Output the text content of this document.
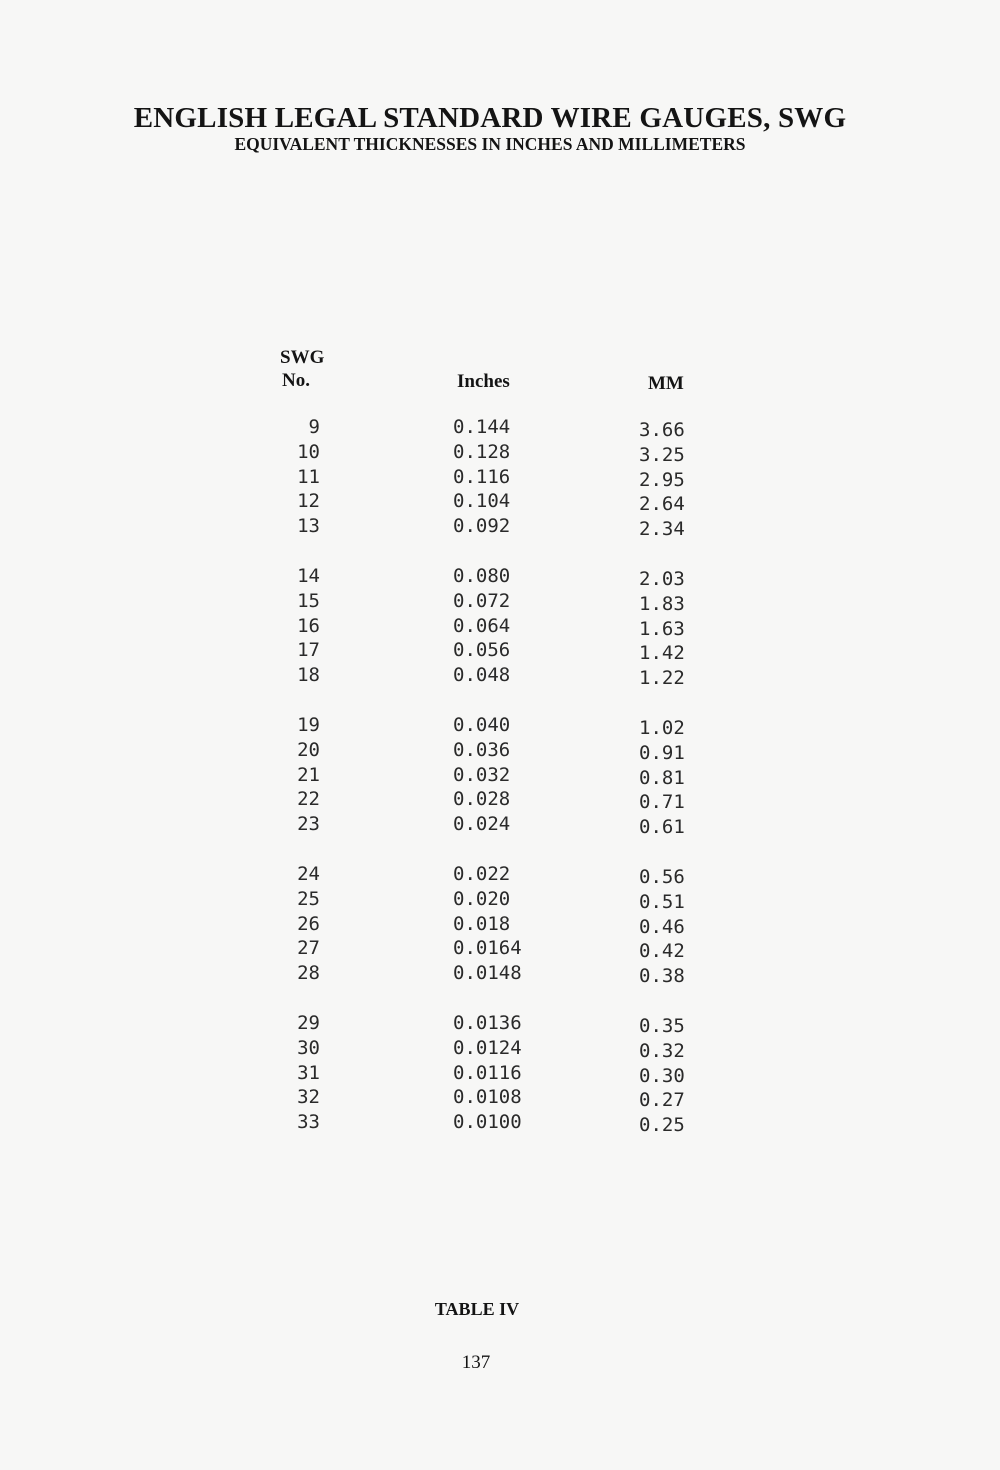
ENGLISH LEGAL STANDARD WIRE GAUGES, SWG
EQUIVALENT THICKNESSES IN INCHES AND MILLIMETERS
SWG
No.	Inches	MM
9	0.144	3.66
10	0.128	3.25
11	0.116	2.95
12	0.104	2.64
13	0.092	2.34
14	0.080	2.03
15	0.072	1.83
16	0.064	1.63
17	0.056	1.42
18	0.048	1.22
19	0.040	1.02
20	0.036	0.91
21	0.032	0.81
22	0.028	0.71
23	0.024	0.61
24	0.022	0.56
25	0.020	0.51
26	0.018	0.46
27	0.0164	0.42
28	0.0148	0.38
29	0.0136	0.35
30	0.0124	0.32
31	0.0116	0.30
32	0.0108	0.27
33	0.0100	0.25
TABLE IV
137
